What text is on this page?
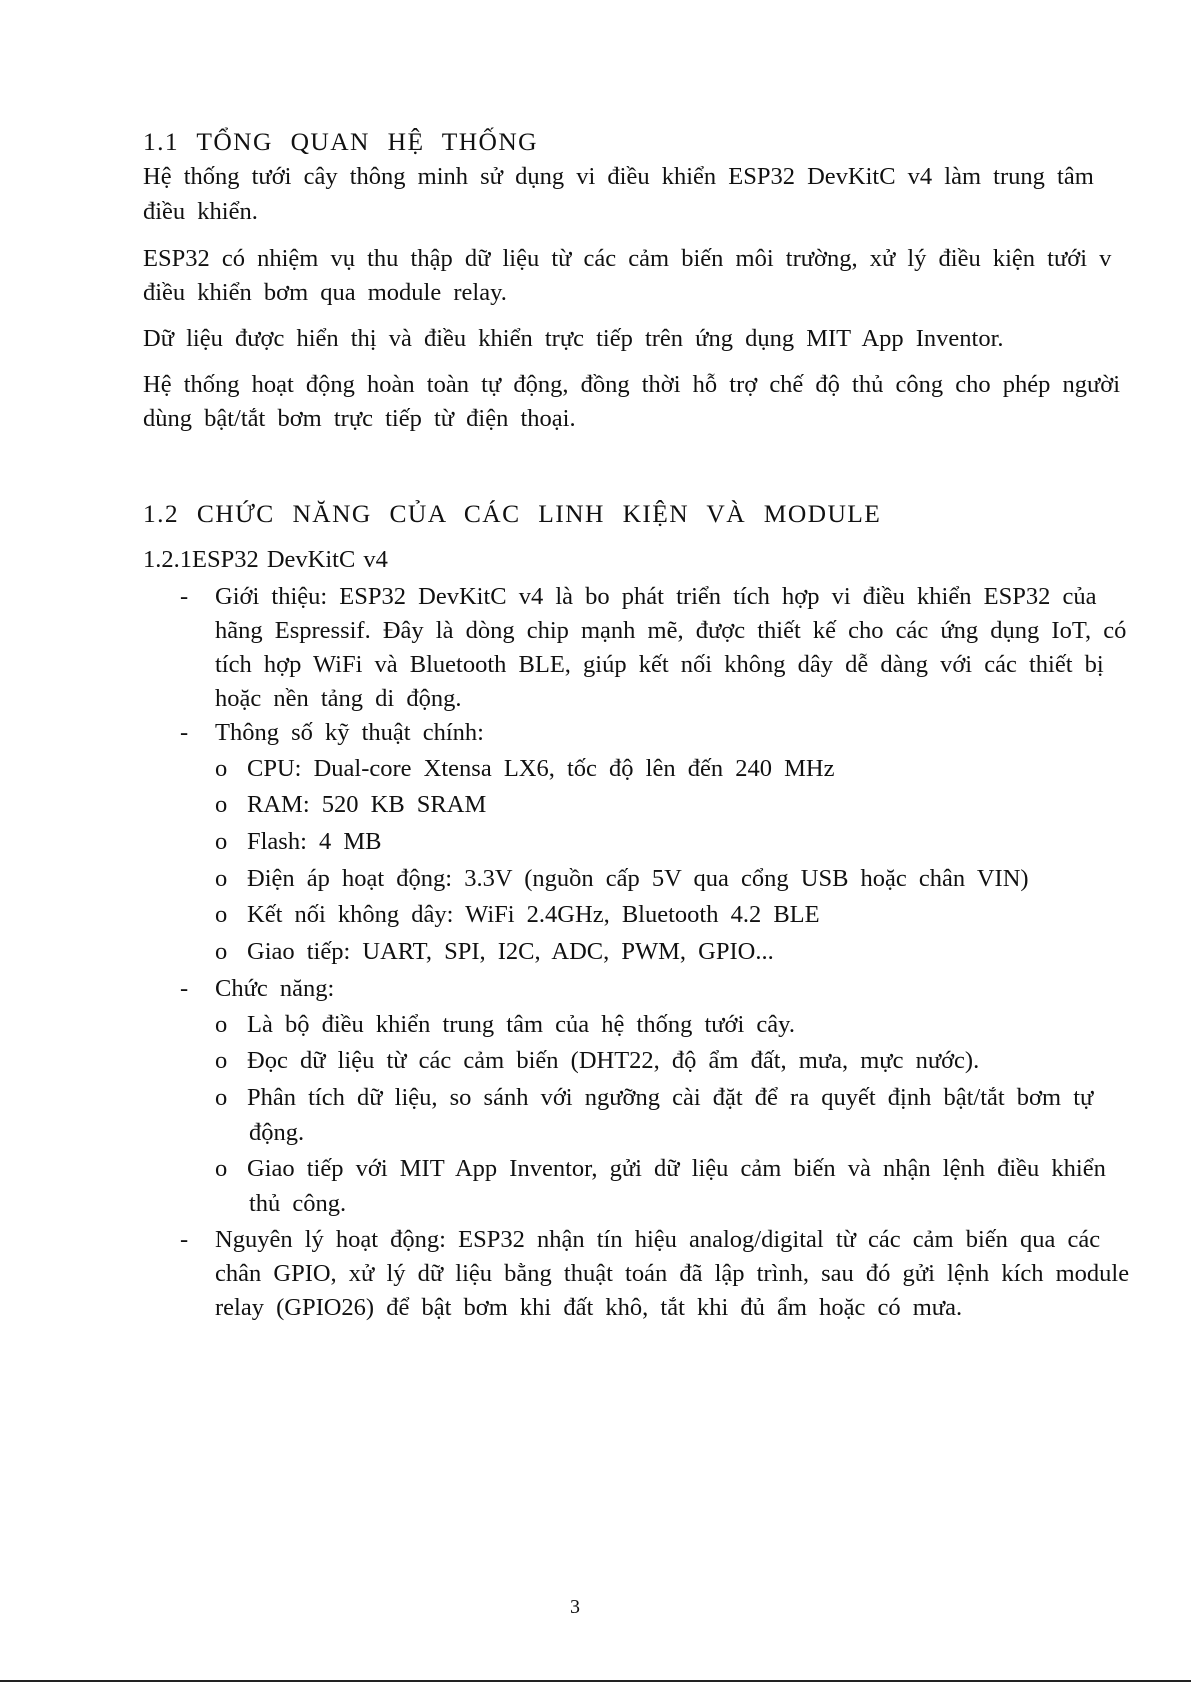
1.1 TỔNG QUAN HỆ THỐNG
Hệ thống tưới cây thông minh sử dụng vi điều khiển ESP32 DevKitC v4 làm trung tâm
điều khiển.
ESP32 có nhiệm vụ thu thập dữ liệu từ các cảm biến môi trường, xử lý điều kiện tưới v
điều khiển bơm qua module relay.
Dữ liệu được hiển thị và điều khiển trực tiếp trên ứng dụng MIT App Inventor.
Hệ thống hoạt động hoàn toàn tự động, đồng thời hỗ trợ chế độ thủ công cho phép người
dùng bật/tắt bơm trực tiếp từ điện thoại.
1.2 CHỨC NĂNG CỦA CÁC LINH KIỆN VÀ MODULE
1.2.1ESP32 DevKitC v4
- Giới thiệu: ESP32 DevKitC v4 là bo phát triển tích hợp vi điều khiển ESP32 của
hãng Espressif. Đây là dòng chip mạnh mẽ, được thiết kế cho các ứng dụng IoT, có
tích hợp WiFi và Bluetooth BLE, giúp kết nối không dây dễ dàng với các thiết bị
hoặc nền tảng di động.
- Thông số kỹ thuật chính:
o CPU: Dual-core Xtensa LX6, tốc độ lên đến 240 MHz
o RAM: 520 KB SRAM
o Flash: 4 MB
o Điện áp hoạt động: 3.3V (nguồn cấp 5V qua cổng USB hoặc chân VIN)
o Kết nối không dây: WiFi 2.4GHz, Bluetooth 4.2 BLE
o Giao tiếp: UART, SPI, I2C, ADC, PWM, GPIO...
- Chức năng:
o Là bộ điều khiển trung tâm của hệ thống tưới cây.
o Đọc dữ liệu từ các cảm biến (DHT22, độ ẩm đất, mưa, mực nước).
o Phân tích dữ liệu, so sánh với ngưỡng cài đặt để ra quyết định bật/tắt bơm tự
động.
o Giao tiếp với MIT App Inventor, gửi dữ liệu cảm biến và nhận lệnh điều khiển
thủ công.
- Nguyên lý hoạt động: ESP32 nhận tín hiệu analog/digital từ các cảm biến qua các
chân GPIO, xử lý dữ liệu bằng thuật toán đã lập trình, sau đó gửi lệnh kích module
relay (GPIO26) để bật bơm khi đất khô, tắt khi đủ ẩm hoặc có mưa.
3
